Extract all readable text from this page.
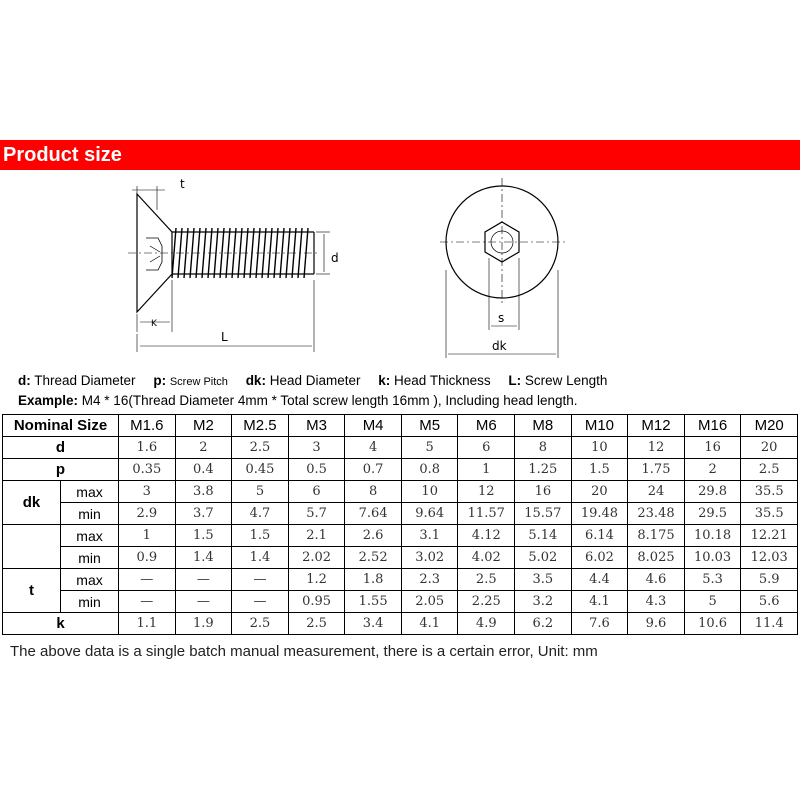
Product size
t
d
K
L
s
dk
d: Thread Diameter p: Screw Pitch dk: Head Diameter k: Head Thickness L: Screw Length
Example: M4 * 16(Thread Diameter 4mm * Total screw length 16mm ), Including head length.
Nominal Size		M1.6	M2	M2.5	M3	M4	M5	M6	M8	M10	M12	M16	M20
d		1.6	2	2.5	3	4	5	6	8	10	12	16	20
p		0.35	0.4	0.45	0.5	0.7	0.8	1	1.25	1.5	1.75	2	2.5
dk	max	3	3.8	5	6	8	10	12	16	20	24	29.8	35.5
	min	2.9	3.7	4.7	5.7	7.64	9.64	11.57	15.57	19.48	23.48	29.5	35.5
	max	1	1.5	1.5	2.1	2.6	3.1	4.12	5.14	6.14	8.175	10.18	12.21
	min	0.9	1.4	1.4	2.02	2.52	3.02	4.02	5.02	6.02	8.025	10.03	12.03
t	max	—	—	—	1.2	1.8	2.3	2.5	3.5	4.4	4.6	5.3	5.9
	min	—	—	—	0.95	1.55	2.05	2.25	3.2	4.1	4.3	5	5.6
k		1.1	1.9	2.5	2.5	3.4	4.1	4.9	6.2	7.6	9.6	10.6	11.4
The above data is a single batch manual measurement, there is a certain error, Unit: mm
